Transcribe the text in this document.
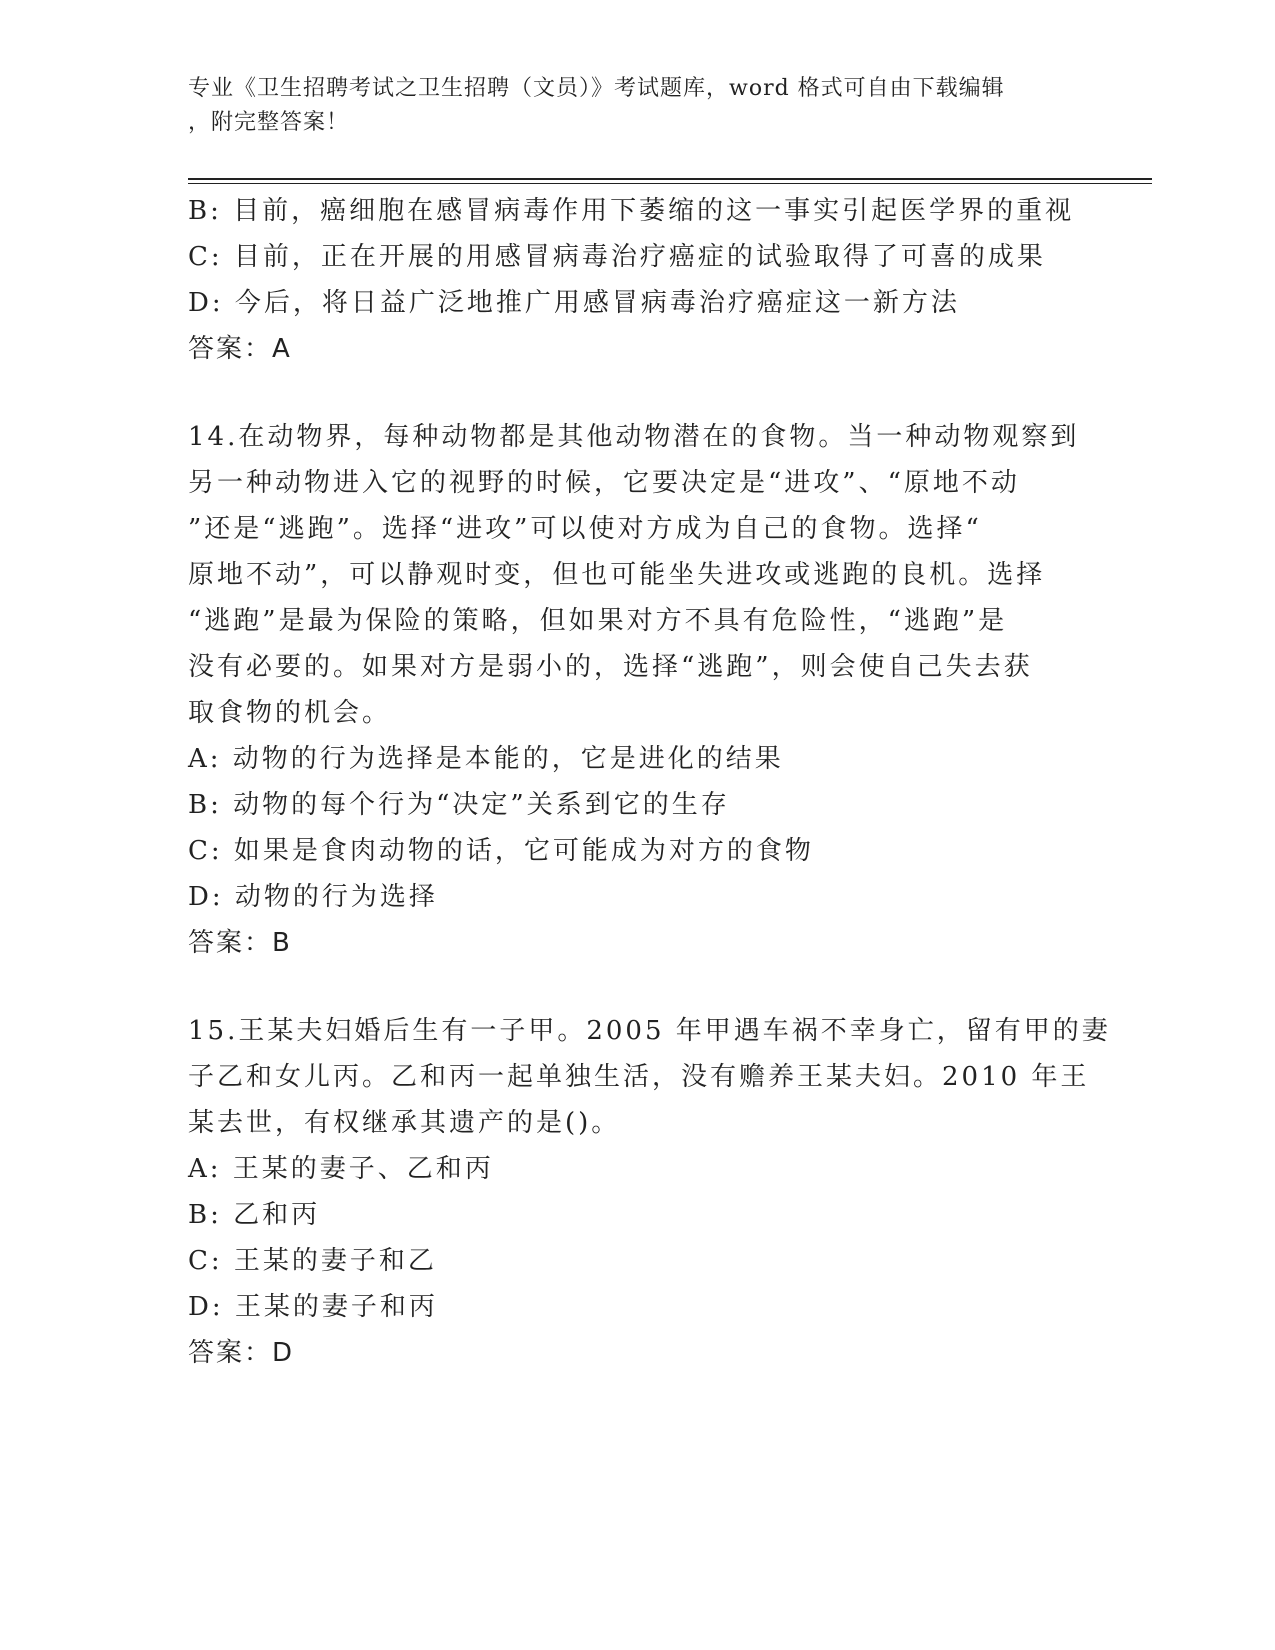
专业《卫生招聘考试之卫生招聘（文员）》考试题库，word 格式可自由下载编辑
，附完整答案！
B: 目前，癌细胞在感冒病毒作用下萎缩的这一事实引起医学界的重视
C: 目前，正在开展的用感冒病毒治疗癌症的试验取得了可喜的成果
D: 今后，将日益广泛地推广用感冒病毒治疗癌症这一新方法
答案：A
14.在动物界，每种动物都是其他动物潜在的食物。当一种动物观察到
另一种动物进入它的视野的时候，它要决定是“进攻”、“原地不动
”还是“逃跑”。选择“进攻”可以使对方成为自己的食物。选择“
原地不动”，可以静观时变，但也可能坐失进攻或逃跑的良机。选择
“逃跑”是最为保险的策略，但如果对方不具有危险性，“逃跑”是
没有必要的。如果对方是弱小的，选择“逃跑”，则会使自己失去获
取食物的机会。
A: 动物的行为选择是本能的，它是进化的结果
B: 动物的每个行为“决定”关系到它的生存
C: 如果是食肉动物的话，它可能成为对方的食物
D: 动物的行为选择
答案：B
15.王某夫妇婚后生有一子甲。2005 年甲遇车祸不幸身亡，留有甲的妻
子乙和女儿丙。乙和丙一起单独生活，没有赡养王某夫妇。2010 年王
某去世，有权继承其遗产的是()。
A: 王某的妻子、乙和丙
B: 乙和丙
C: 王某的妻子和乙
D: 王某的妻子和丙
答案：D
